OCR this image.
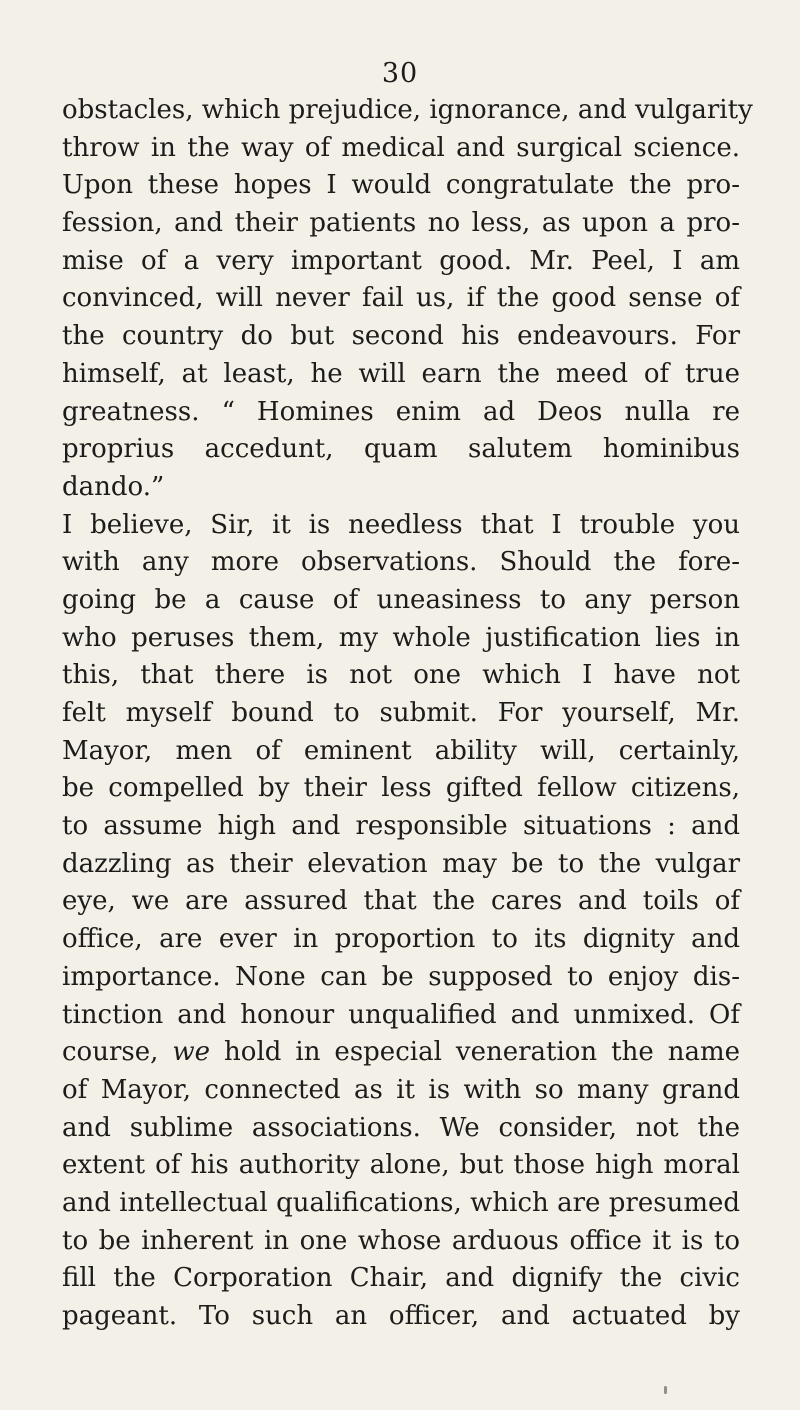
30
obstacles, which prejudice, ignorance, and vulgarity
throw in the way of medical and surgical science.
Upon these hopes I would congratulate the pro-
fession, and their patients no less, as upon a pro-
mise of a very important good. Mr. Peel, I am
convinced, will never fail us, if the good sense of
the country do but second his endeavours. For
himself, at least, he will earn the meed of true
greatness. “ Homines enim ad Deos nulla re
proprius accedunt, quam salutem hominibus
dando.”
I believe, Sir, it is needless that I trouble you
with any more observations. Should the fore-
going be a cause of uneasiness to any person
who peruses them, my whole justification lies in
this, that there is not one which I have not
felt myself bound to submit. For yourself, Mr.
Mayor, men of eminent ability will, certainly,
be compelled by their less gifted fellow citizens,
to assume high and responsible situations : and
dazzling as their elevation may be to the vulgar
eye, we are assured that the cares and toils of
office, are ever in proportion to its dignity and
importance. None can be supposed to enjoy dis-
tinction and honour unqualified and unmixed. Of
course, we hold in especial veneration the name
of Mayor, connected as it is with so many grand
and sublime associations. We consider, not the
extent of his authority alone, but those high moral
and intellectual qualifications, which are presumed
to be inherent in one whose arduous office it is to
fill the Corporation Chair, and dignify the civic
pageant. To such an officer, and actuated by
